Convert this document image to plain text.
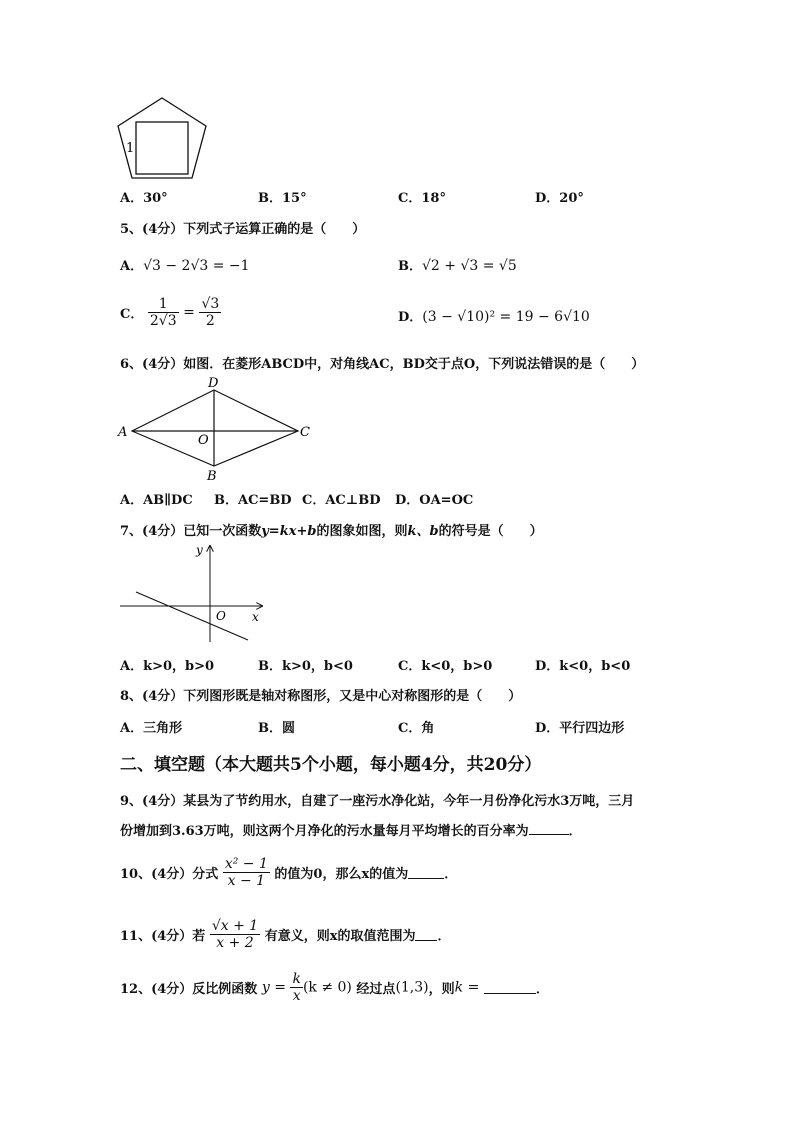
1
A．30°	B．15°	C．18°	D．20°
5、(4分）下列式子运算正确的是（　　）
A．√3 − 2√3 = −1	B．√2 + √3 = √5
C． $\frac{1}{2√3} = \frac{√3}{2}$	D．(3 − √10)² = 19 − 6√10
6、(4分）如图．在菱形ABCD中，对角线AC，BD交于点O，下列说法错误的是（　　）
A
D
C
B
O
A．AB∥DC B．AC=BD C．AC⊥BD D．OA=OC
7、(4分）已知一次函数y=kx+b的图象如图，则k、b的符号是（　　）
x
y
O
A．k>0，b>0	B．k>0，b<0	C．k<0，b>0	D．k<0，b<0
8、(4分）下列图形既是轴对称图形，又是中心对称图形的是（　　）
A．三角形	B．圆	C．角	D．平行四边形
二、填空题（本大题共5个小题，每小题4分，共20分）
9、(4分）某县为了节约用水，自建了一座污水净化站，今年一月份净化污水3万吨，三月
份增加到3.63万吨，则这两个月净化的污水量每月平均增长的百分率为	．
10、(4分）分式 $\frac{\text{x² − 1}}{x - 1}$ 的值为0，那么x的值为	．
11、(4分）若 $\frac{√x + 1}{x + 2}$ 有意义，则x的取值范围为 ．
12、(4分）反比例函数 $y = \frac{k}{x} (k \ne 0)$ 经过点(1,3)，则k =	．
